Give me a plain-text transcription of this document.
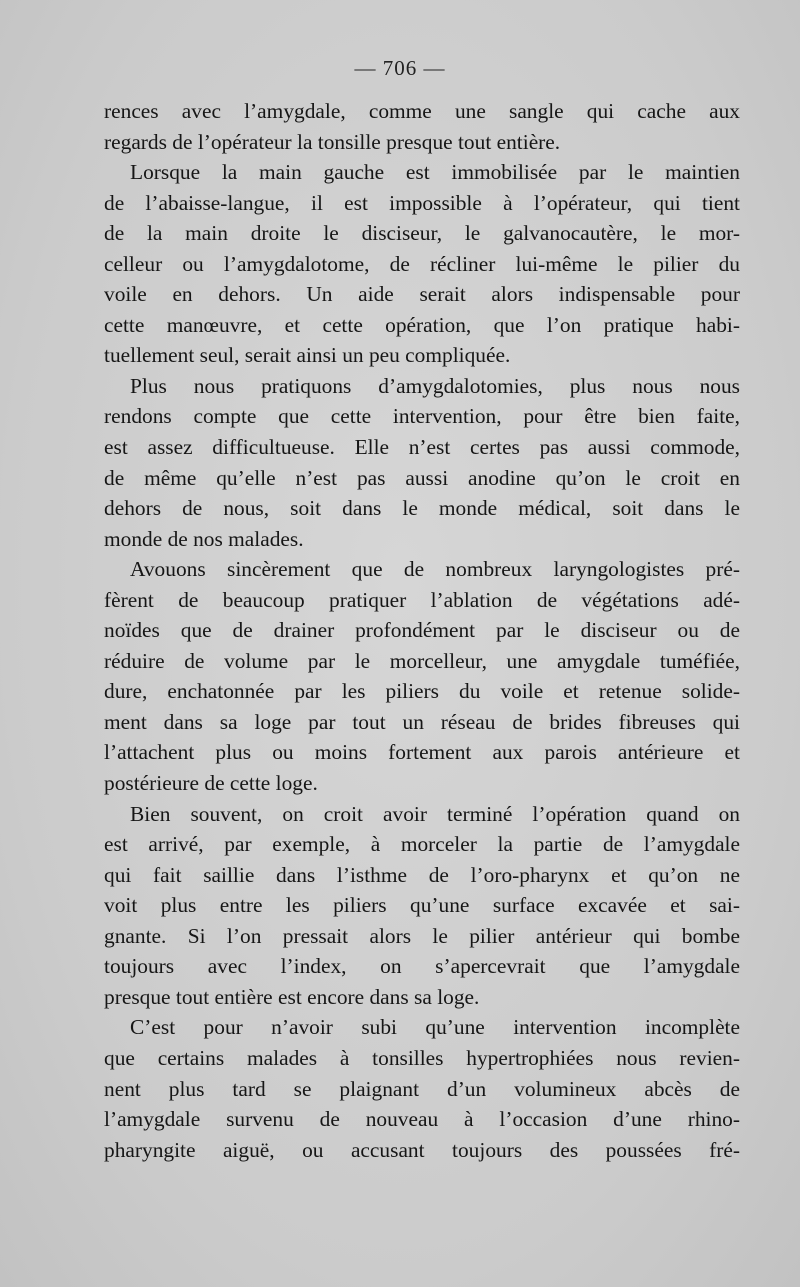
— 706 —
rences avec l’amygdale, comme une sangle qui cache aux
regards de l’opérateur la tonsille presque tout entière.
Lorsque la main gauche est immobilisée par le maintien
de l’abaisse-langue, il est impossible à l’opérateur, qui tient
de la main droite le disciseur, le galvanocautère, le mor-
celleur ou l’amygdalotome, de récliner lui-même le pilier du
voile en dehors. Un aide serait alors indispensable pour
cette manœuvre, et cette opération, que l’on pratique habi-
tuellement seul, serait ainsi un peu compliquée.
Plus nous pratiquons d’amygdalotomies, plus nous nous
rendons compte que cette intervention, pour être bien faite,
est assez difficultueuse. Elle n’est certes pas aussi commode,
de même qu’elle n’est pas aussi anodine qu’on le croit en
dehors de nous, soit dans le monde médical, soit dans le
monde de nos malades.
Avouons sincèrement que de nombreux laryngologistes pré-
fèrent de beaucoup pratiquer l’ablation de végétations adé-
noïdes que de drainer profondément par le disciseur ou de
réduire de volume par le morcelleur, une amygdale tuméfiée,
dure, enchatonnée par les piliers du voile et retenue solide-
ment dans sa loge par tout un réseau de brides fibreuses qui
l’attachent plus ou moins fortement aux parois antérieure et
postérieure de cette loge.
Bien souvent, on croit avoir terminé l’opération quand on
est arrivé, par exemple, à morceler la partie de l’amygdale
qui fait saillie dans l’isthme de l’oro-pharynx et qu’on ne
voit plus entre les piliers qu’une surface excavée et sai-
gnante. Si l’on pressait alors le pilier antérieur qui bombe
toujours avec l’index, on s’apercevrait que l’amygdale
presque tout entière est encore dans sa loge.
C’est pour n’avoir subi qu’une intervention incomplète
que certains malades à tonsilles hypertrophiées nous revien-
nent plus tard se plaignant d’un volumineux abcès de
l’amygdale survenu de nouveau à l’occasion d’une rhino-
pharyngite aiguë, ou accusant toujours des poussées fré-
